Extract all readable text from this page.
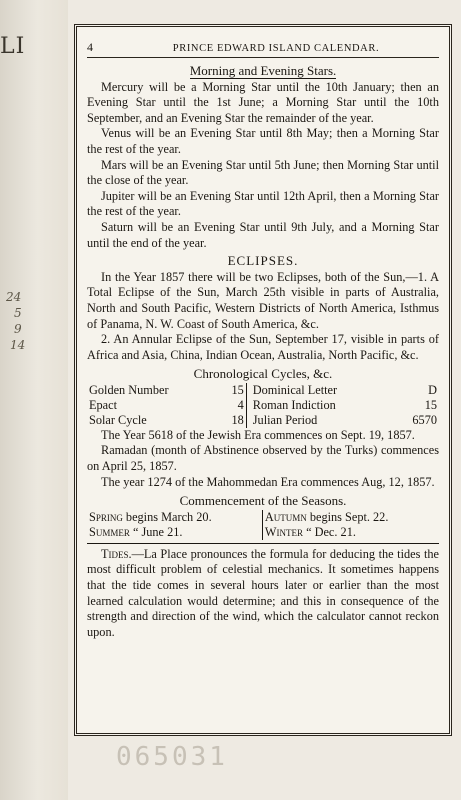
LI
24
5
9
14
4	PRINCE EDWARD ISLAND CALENDAR.
Morning and Evening Stars.

Mercury will be a Morning Star until the 10th January; then an Evening Star until the 1st June; a Morning Star until the 10th September, and an Evening Star the remainder of the year.

Venus will be an Evening Star until 8th May; then a Morning Star the rest of the year.

Mars will be an Evening Star until 5th June; then Morning Star until the close of the year.

Jupiter will be an Evening Star until 12th April, then a Morning Star the rest of the year.

Saturn will be an Evening Star until 9th July, and a Morning Star until the end of the year.

ECLIPSES.

In the Year 1857 there will be two Eclipses, both of the Sun,—1. A Total Eclipse of the Sun, March 25th visible in parts of Australia, North and South Pacific, Western Districts of North America, Isthmus of Panama, N. W. Coast of South America, &c.

2. An Annular Eclipse of the Sun, September 17, visible in parts of Africa and Asia, China, Indian Ocean, Australia, North Pacific, &c.

Chronological Cycles, &c.
Golden Number	15	Dominical Letter	D
Epact	4	Roman Indiction	15
Solar Cycle	18	Julian Period	6570

The Year 5618 of the Jewish Era commences on Sept. 19, 1857.

Ramadan (month of Abstinence observed by the Turks) commences on April 25, 1857.

The year 1274 of the Mahommedan Era commences Aug, 12, 1857.

Commencement of the Seasons.
Spring begins March 20.	Autumn begins Sept. 22.
Summer “ June 21.	Winter “ Dec. 21.

Tides.—La Place pronounces the formula for deducing the tides the most difficult problem of celestial mechanics. It sometimes happens that the tide comes in several hours later or earlier than the most learned calculation would determine; and this in consequence of the strength and direction of the wind, which the calculator cannot reckon upon.

065031
